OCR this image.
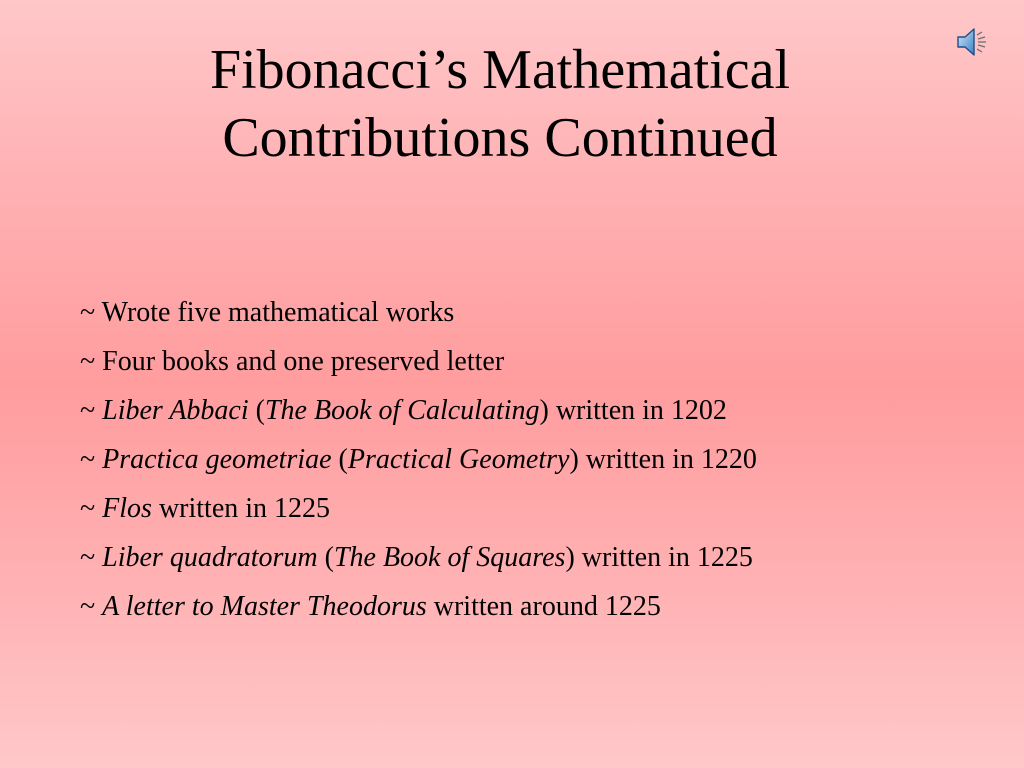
Fibonacci’s Mathematical
Contributions Continued
~ Wrote five mathematical works
~ Four books and one preserved letter
~ Liber Abbaci (The Book of Calculating) written in 1202
~ Practica geometriae (Practical Geometry) written in 1220
~ Flos written in 1225
~ Liber quadratorum (The Book of Squares) written in 1225
~ A letter to Master Theodorus written around 1225
